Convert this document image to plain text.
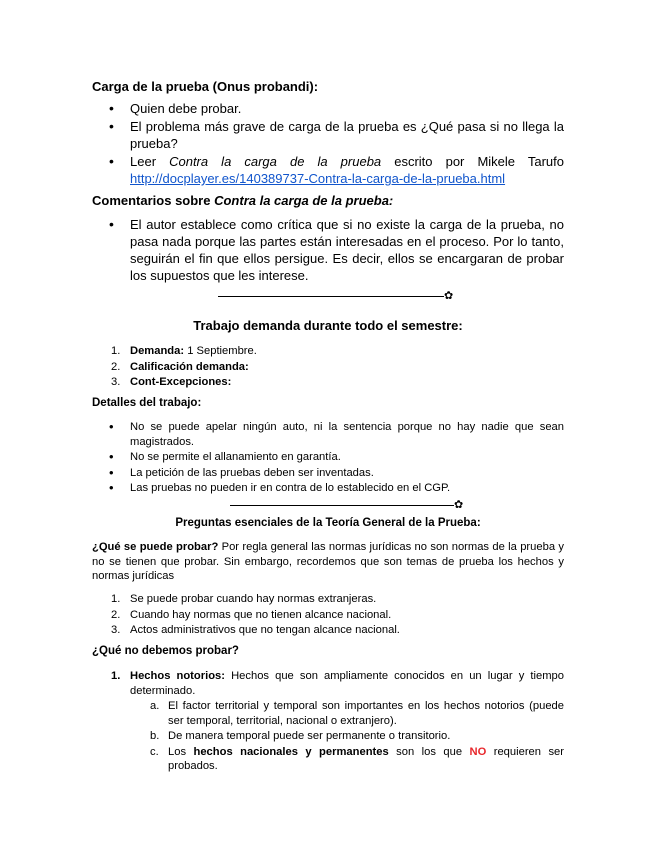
Carga de la prueba (Onus probandi):
• Quien debe probar.
• El problema más grave de carga de la prueba es ¿Qué pasa si no llega la prueba?
• Leer Contra la carga de la prueba escrito por Mikele Tarufo http://docplayer.es/140389737-Contra-la-carga-de-la-prueba.html
Comentarios sobre Contra la carga de la prueba:
• El autor establece como crítica que si no existe la carga de la prueba, no pasa nada porque las partes están interesadas en el proceso. Por lo tanto, seguirán el fin que ellos persigue. Es decir, ellos se encargaran de probar los supuestos que les interese.
✿
Trabajo demanda durante todo el semestre:
1. Demanda: 1 Septiembre.
2. Calificación demanda:
3. Cont-Excepciones:
Detalles del trabajo:
• No se puede apelar ningún auto, ni la sentencia porque no hay nadie que sean magistrados.
• No se permite el allanamiento en garantía.
• La petición de las pruebas deben ser inventadas.
• Las pruebas no pueden ir en contra de lo establecido en el CGP.
✿
Preguntas esenciales de la Teoría General de la Prueba:
¿Qué se puede probar? Por regla general las normas jurídicas no son normas de la prueba y no se tienen que probar. Sin embargo, recordemos que son temas de prueba los hechos y normas jurídicas
1. Se puede probar cuando hay normas extranjeras.
2. Cuando hay normas que no tienen alcance nacional.
3. Actos administrativos que no tengan alcance nacional.
¿Qué no debemos probar?
1. Hechos notorios: Hechos que son ampliamente conocidos en un lugar y tiempo determinado.
a. El factor territorial y temporal son importantes en los hechos notorios (puede ser temporal, territorial, nacional o extranjero).
b. De manera temporal puede ser permanente o transitorio.
c. Los hechos nacionales y permanentes son los que NO requieren ser probados.
